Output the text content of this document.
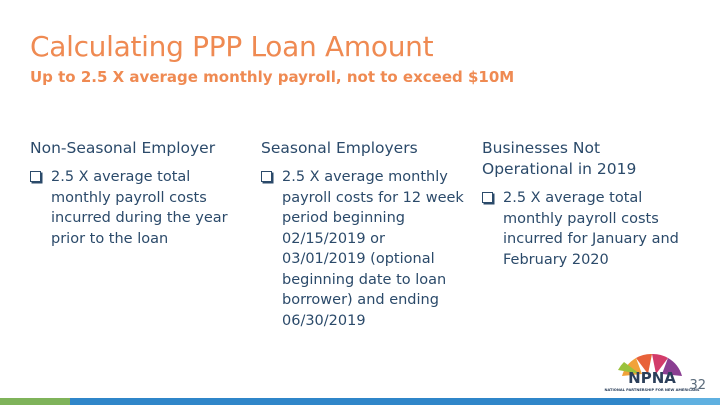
Calculating PPP Loan Amount
Up to 2.5 X average monthly payroll, not to exceed $10M
Non-Seasonal Employer
2.5 X average total monthly payroll costs incurred during the year prior to the loan
Seasonal Employers
2.5 X average monthly payroll costs for 12 week period beginning 02/15/2019 or 03/01/2019 (optional beginning date to loan borrower) and ending 06/30/2019
Businesses Not Operational in 2019
2.5 X average total monthly payroll costs incurred for January and February 2020
NPNA
NATIONAL PARTNERSHIP FOR NEW AMERICANS
32
